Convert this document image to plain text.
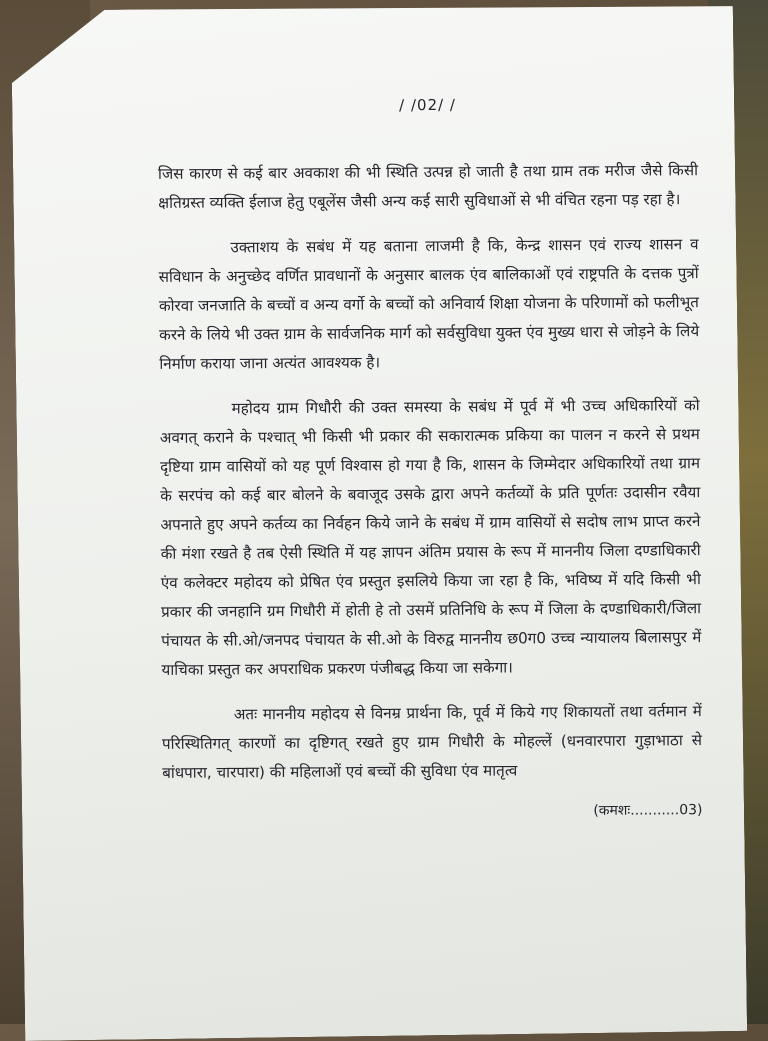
/ /02/ /

जिस कारण से कई बार अवकाश की भी स्थिति उत्पन्न हो जाती है तथा ग्राम तक मरीज जैसे किसी क्षतिग्रस्त व्यक्ति ईलाज हेतु एबूलेंस जैसी अन्य कई सारी सुविधाओं से भी वंचित रहना पड़ रहा है।

उक्ताशय के सबंध में यह बताना लाजमी है कि, केन्द्र शासन एवं राज्य शासन व सविधान के अनुच्छेद वर्णित प्रावधानों के अनुसार बालक एंव बालिकाओं एवं राष्ट्रपति के दत्तक पुत्रों कोरवा जनजाति के बच्चों व अन्य वर्गो के बच्चों को अनिवार्य शिक्षा योजना के परिणामों को फलीभूत करने के लिये भी उक्त ग्राम के सार्वजनिक मार्ग को सर्वसुविधा युक्त एंव मुख्य धारा से जोड़ने के लिये निर्माण कराया जाना अत्यंत आवश्यक है।

महोदय ग्राम गिधौरी की उक्त समस्या के सबंध में पूर्व में भी उच्च अधिकारियों को अवगत् कराने के पश्चात् भी किसी भी प्रकार की सकारात्मक प्रकिया का पालन न करने से प्रथम दृष्टिया ग्राम वासियों को यह पूर्ण विश्वास हो गया है कि, शासन के जिम्मेदार अधिकारियों तथा ग्राम के सरपंच को कई बार बोलने के बवाजूद उसके द्वारा अपने कर्तव्यों के प्रति पूर्णतः उदासीन रवैया अपनाते हुए अपने कर्तव्य का निर्वहन किये जाने के सबंध में ग्राम वासियों से सदोष लाभ प्राप्त करने की मंशा रखते है तब ऐसी स्थिति में यह ज्ञापन अंतिम प्रयास के रूप में माननीय जिला दण्डाधिकारी एंव कलेक्टर महोदय को प्रेषित एंव प्रस्तुत इसलिये किया जा रहा है कि, भविष्य में यदि किसी भी प्रकार की जनहानि ग्रम गिधौरी में होती हे तो उसमें प्रतिनिधि के रूप में जिला के दण्डाधिकारी/जिला पंचायत के सी.ओ/जनपद पंचायत के सी.ओ के विरुद्व माननीय छ0ग0 उच्च न्यायालय बिलासपुर में याचिका प्रस्तुत कर अपराधिक प्रकरण पंजीबद्ध किया जा सकेगा।

अतः माननीय महोदय से विनम्र प्रार्थना कि, पूर्व में किये गए शिकायतों तथा वर्तमान में परिस्थितिगत् कारणों का दृष्टिगत् रखते हुए ग्राम गिधौरी के मोहल्लें (धनवारपारा गुड़ाभाठा से बांधपारा, चारपारा) की महिलाओं एवं बच्चों की सुविधा एंव मातृत्व

(कमशः...........03)
